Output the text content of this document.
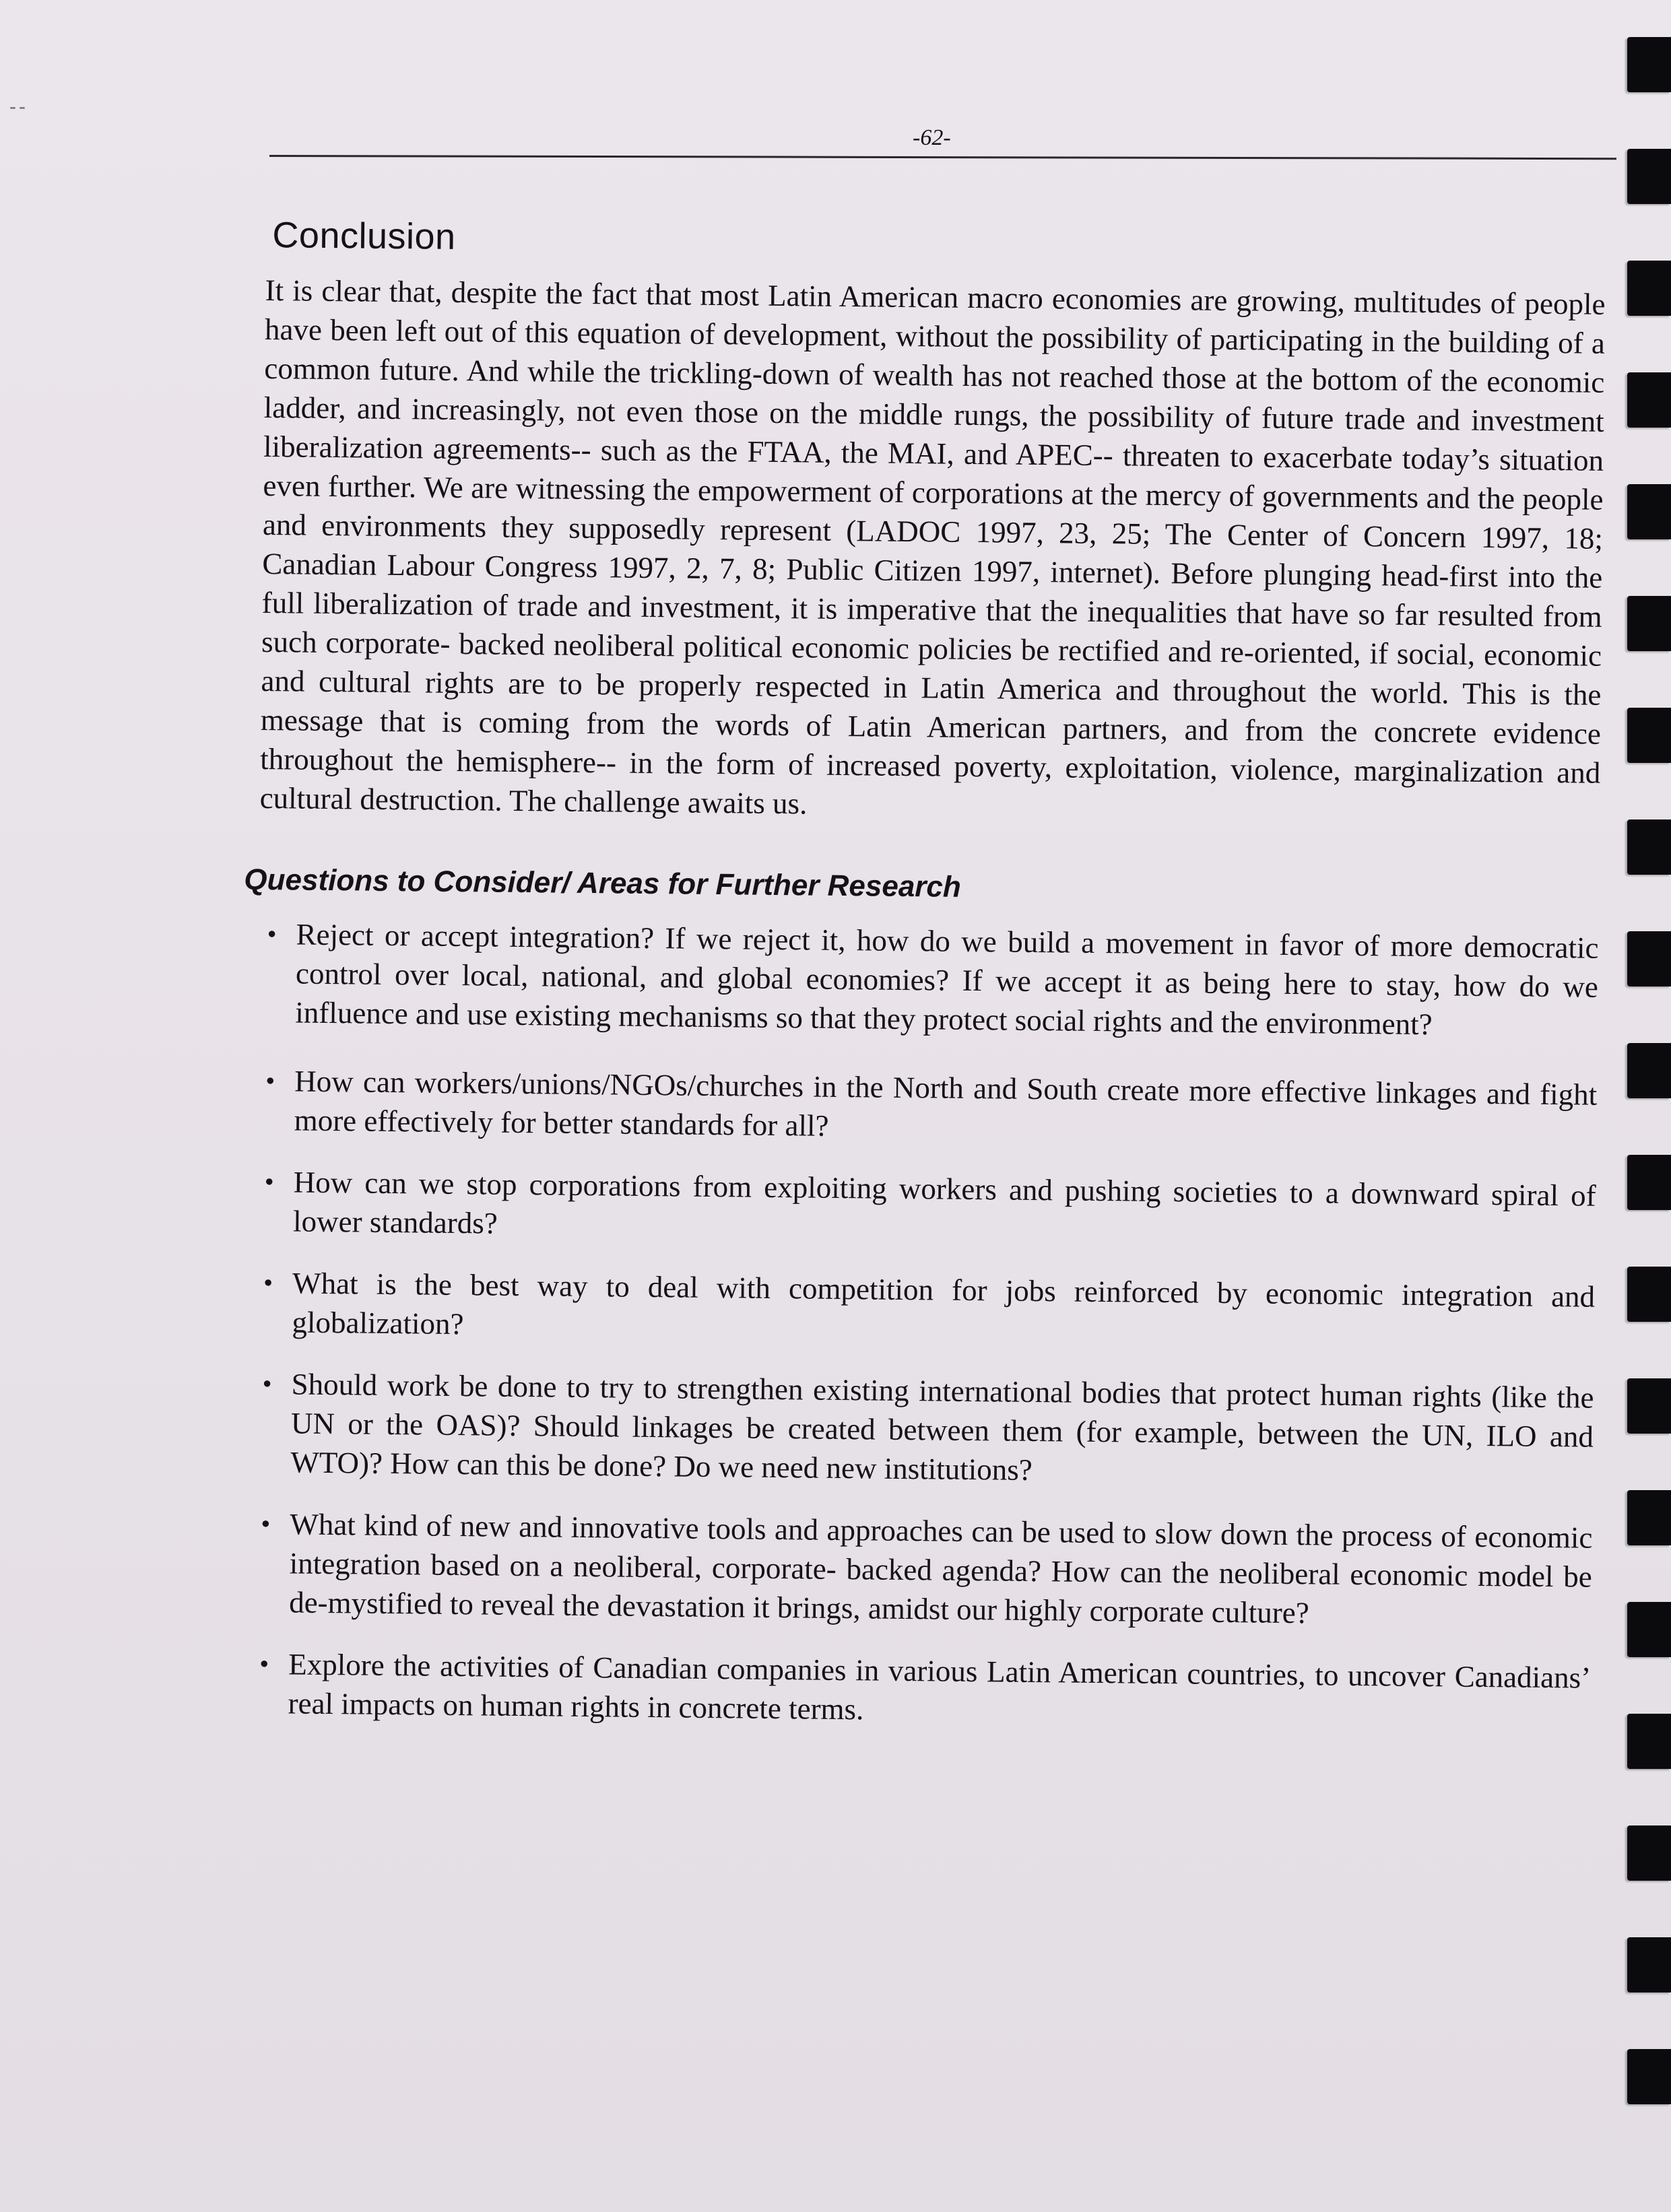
--
-62-
Conclusion

It is clear that, despite the fact that most Latin American macro economies are growing, multitudes of people have been left out of this equation of development, without the possibility of participating in the building of a common future. And while the trickling-down of wealth has not reached those at the bottom of the economic ladder, and increasingly, not even those on the middle rungs, the possibility of future trade and investment liberalization agreements-- such as the FTAA, the MAI, and APEC-- threaten to exacerbate today’s situation even further. We are witnessing the empowerment of corporations at the mercy of governments and the people and environments they supposedly represent (LADOC 1997, 23, 25; The Center of Concern 1997, 18; Canadian Labour Congress 1997, 2, 7, 8; Public Citizen 1997, internet). Before plunging head-first into the full liberalization of trade and investment, it is imperative that the inequalities that have so far resulted from such corporate- backed neoliberal political economic policies be rectified and re-oriented, if social, economic and cultural rights are to be properly respected in Latin America and throughout the world. This is the message that is coming from the words of Latin American partners, and from the concrete evidence throughout the hemisphere-- in the form of increased poverty, exploitation, violence, marginalization and cultural destruction. The challenge awaits us.

Questions to Consider/ Areas for Further Research
• Reject or accept integration? If we reject it, how do we build a movement in favor of more democratic control over local, national, and global economies? If we accept it as being here to stay, how do we influence and use existing mechanisms so that they protect social rights and the environment?
• How can workers/unions/NGOs/churches in the North and South create more effective linkages and fight more effectively for better standards for all?
• How can we stop corporations from exploiting workers and pushing societies to a downward spiral of lower standards?
• What is the best way to deal with competition for jobs reinforced by economic integration and globalization?
• Should work be done to try to strengthen existing international bodies that protect human rights (like the UN or the OAS)? Should linkages be created between them (for example, between the UN, ILO and WTO)? How can this be done? Do we need new institutions?
• What kind of new and innovative tools and approaches can be used to slow down the process of economic integration based on a neoliberal, corporate- backed agenda? How can the neoliberal economic model be de-mystified to reveal the devastation it brings, amidst our highly corporate culture?
• Explore the activities of Canadian companies in various Latin American countries, to uncover Canadians’ real impacts on human rights in concrete terms.
